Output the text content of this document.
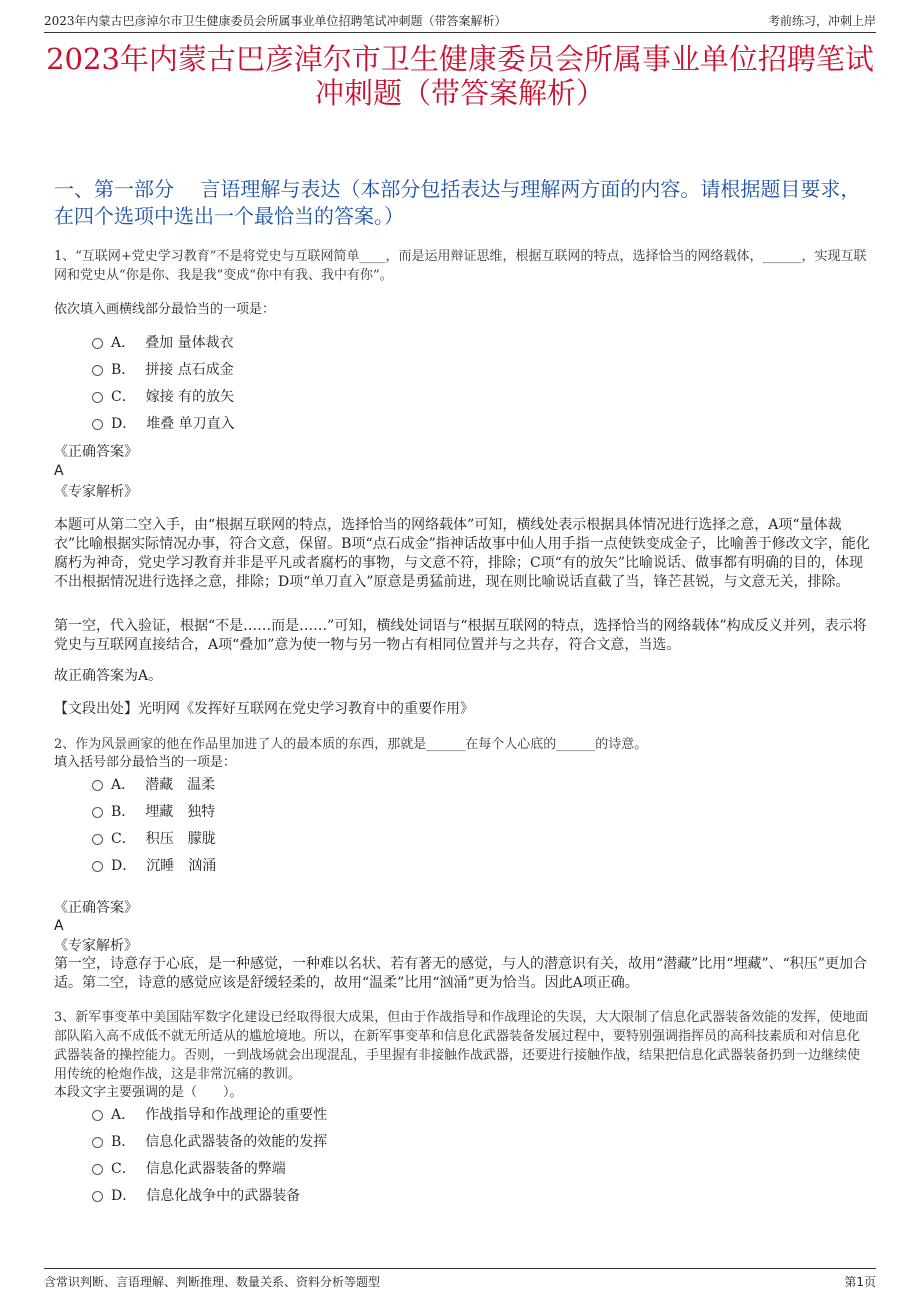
2023年内蒙古巴彦淖尔市卫生健康委员会所属事业单位招聘笔试冲刺题（带答案解析）	考前练习，冲刺上岸
2023年内蒙古巴彦淖尔市卫生健康委员会所属事业单位招聘笔试冲刺题（带答案解析）
一、第一部分　 言语理解与表达（本部分包括表达与理解两方面的内容。请根据题目要求，在四个选项中选出一个最恰当的答案。）
1、“互联网+党史学习教育”不是将党史与互联网简单____，而是运用辩证思维，根据互联网的特点，选择恰当的网络载体，______，实现互联网和党史从“你是你、我是我”变成“你中有我、我中有你”。
依次填入画横线部分最恰当的一项是：
A． 叠加 量体裁衣
B． 拼接 点石成金
C． 嫁接 有的放矢
D． 堆叠 单刀直入
《正确答案》
A
《专家解析》
本题可从第二空入手，由“根据互联网的特点，选择恰当的网络载体”可知，横线处表示根据具体情况进行选择之意，A项“量体裁衣”比喻根据实际情况办事，符合文意，保留。B项“点石成金”指神话故事中仙人用手指一点使铁变成金子，比喻善于修改文字，能化腐朽为神奇，党史学习教育并非是平凡或者腐朽的事物，与文意不符，排除；C项“有的放矢”比喻说话、做事都有明确的目的，体现不出根据情况进行选择之意，排除；D项“单刀直入”原意是勇猛前进，现在则比喻说话直截了当，锋芒甚锐，与文意无关，排除。
第一空，代入验证，根据“不是……而是……”可知，横线处词语与“根据互联网的特点，选择恰当的网络载体”构成反义并列，表示将党史与互联网直接结合，A项“叠加”意为使一物与另一物占有相同位置并与之共存，符合文意，当选。
故正确答案为A。
【文段出处】光明网《发挥好互联网在党史学习教育中的重要作用》
2、作为风景画家的他在作品里加进了人的最本质的东西，那就是______在每个人心底的______的诗意。
填入括号部分最恰当的一项是：
A． 潜藏　温柔
B． 埋藏　独特
C． 积压　朦胧
D． 沉睡　汹涌
《正确答案》
A
《专家解析》
第一空，诗意存于心底，是一种感觉，一种难以名状、若有著无的感觉，与人的潜意识有关，故用“潜藏”比用“埋藏”、“积压”更加合适。第二空，诗意的感觉应该是舒缓轻柔的，故用“温柔”比用“汹涌”更为恰当。因此A项正确。
3、新军事变革中美国陆军数字化建设已经取得很大成果，但由于作战指导和作战理论的失误，大大限制了信息化武器装备效能的发挥，使地面部队陷入高不成低不就无所适从的尴尬境地。所以，在新军事变革和信息化武器装备发展过程中，要特别强调指挥员的高科技素质和对信息化武器装备的操控能力。否则，一到战场就会出现混乱，手里握有非接触作战武器，还要进行接触作战，结果把信息化武器装备扔到一边继续使用传统的枪炮作战，这是非常沉痛的教训。
本段文字主要强调的是（　　）。
A． 作战指导和作战理论的重要性
B． 信息化武器装备的效能的发挥
C． 信息化武器装备的弊端
D． 信息化战争中的武器装备
含常识判断、言语理解、判断推理、数量关系、资料分析等题型	第1页
